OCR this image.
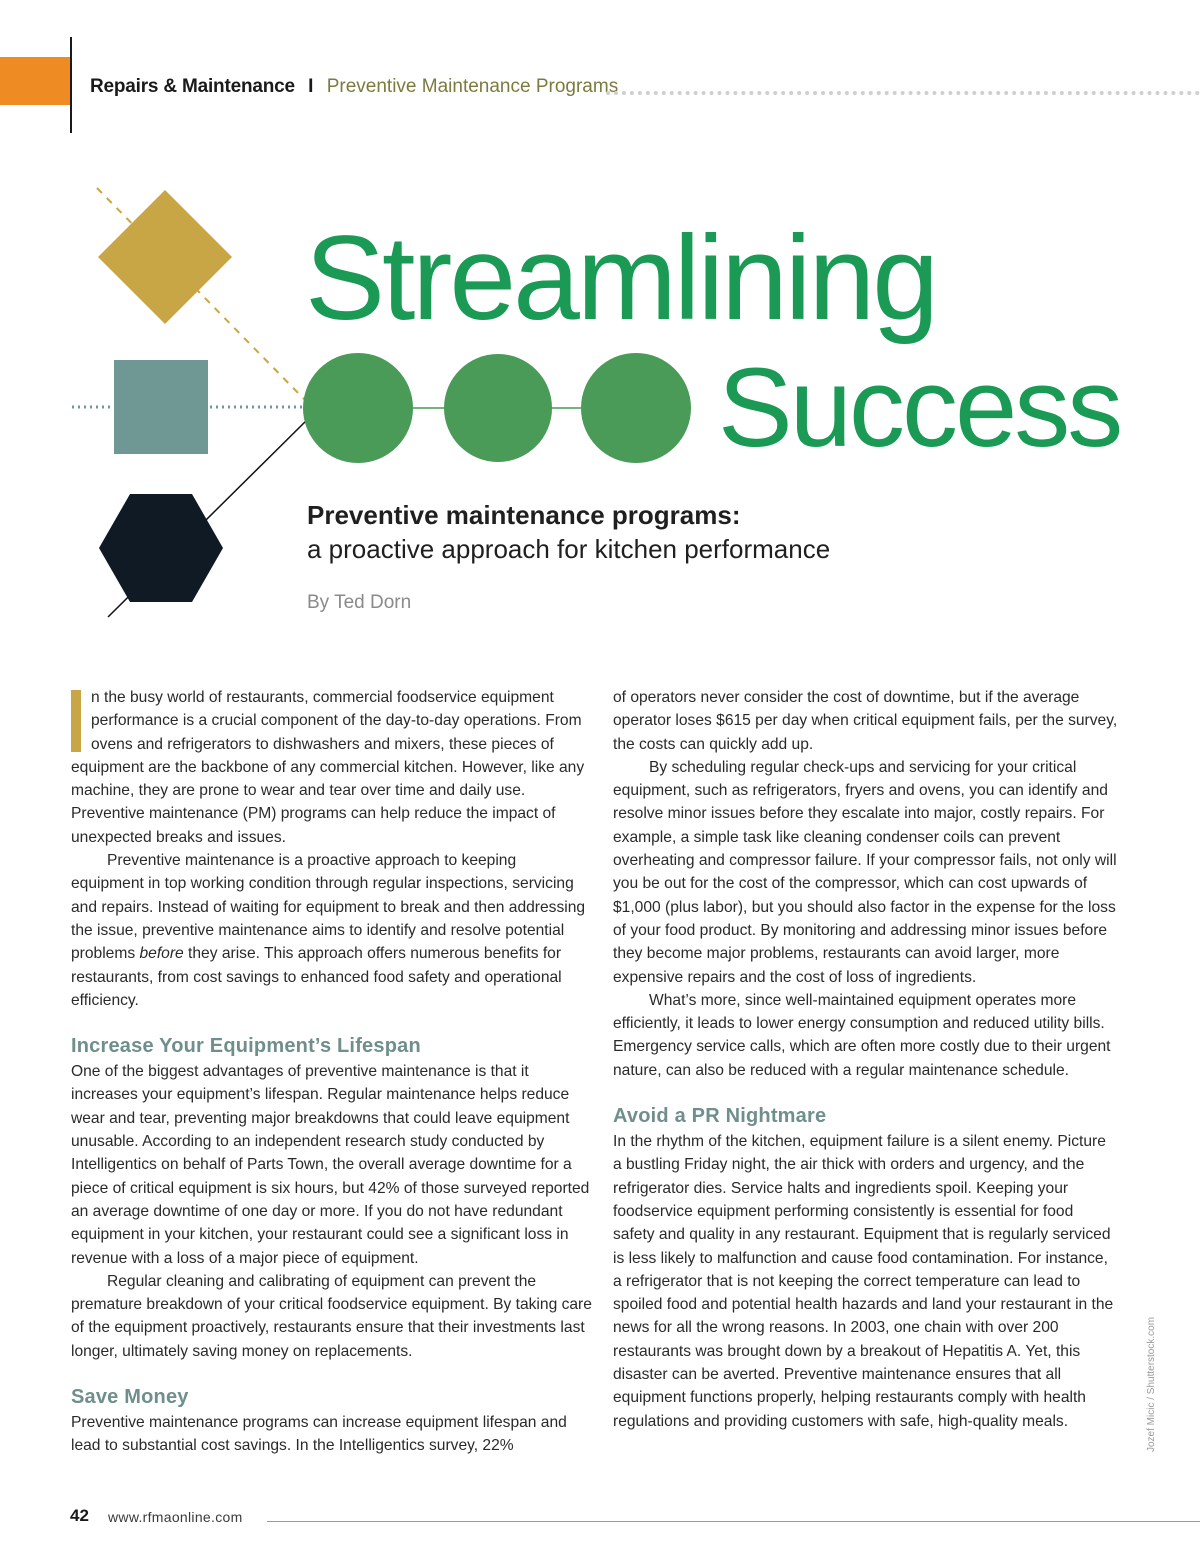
Repairs & Maintenance I Preventive Maintenance Programs
Streamlining
Success
Preventive maintenance programs:
a proactive approach for kitchen performance
By Ted Dorn

n the busy world of restaurants, commercial foodservice equipment performance is a crucial component of the day-to-day operations. From ovens and refrigerators to dishwashers and mixers, these pieces of equipment are the backbone of any commercial kitchen. However, like any machine, they are prone to wear and tear over time and daily use. Preventive maintenance (PM) programs can help reduce the impact of unexpected breaks and issues.

Preventive maintenance is a proactive approach to keeping equipment in top working condition through regular inspections, servicing and repairs. Instead of waiting for equipment to break and then addressing the issue, preventive maintenance aims to identify and resolve potential problems before they arise. This approach offers numerous benefits for restaurants, from cost savings to enhanced food safety and operational efficiency.

Increase Your Equipment’s Lifespan

One of the biggest advantages of preventive maintenance is that it increases your equipment’s lifespan. Regular maintenance helps reduce wear and tear, preventing major breakdowns that could leave equipment unusable. According to an independent research study conducted by Intelligentics on behalf of Parts Town, the overall average downtime for a piece of critical equipment is six hours, but 42% of those surveyed reported an average downtime of one day or more. If you do not have redundant equipment in your kitchen, your restaurant could see a significant loss in revenue with a loss of a major piece of equipment.

Regular cleaning and calibrating of equipment can prevent the premature breakdown of your critical foodservice equipment. By taking care of the equipment proactively, restaurants ensure that their investments last longer, ultimately saving money on replacements.

Save Money

Preventive maintenance programs can increase equipment lifespan and lead to substantial cost savings. In the Intelligentics survey, 22%

of operators never consider the cost of downtime, but if the average operator loses $615 per day when critical equipment fails, per the survey, the costs can quickly add up.

By scheduling regular check-ups and servicing for your critical equipment, such as refrigerators, fryers and ovens, you can identify and resolve minor issues before they escalate into major, costly repairs. For example, a simple task like cleaning condenser coils can prevent overheating and compressor failure. If your compressor fails, not only will you be out for the cost of the compressor, which can cost upwards of $1,000 (plus labor), but you should also factor in the expense for the loss of your food product. By monitoring and addressing minor issues before they become major problems, restaurants can avoid larger, more expensive repairs and the cost of loss of ingredients.

What’s more, since well-maintained equipment operates more efficiently, it leads to lower energy consumption and reduced utility bills. Emergency service calls, which are often more costly due to their urgent nature, can also be reduced with a regular maintenance schedule.

Avoid a PR Nightmare

In the rhythm of the kitchen, equipment failure is a silent enemy. Picture a bustling Friday night, the air thick with orders and urgency, and the refrigerator dies. Service halts and ingredients spoil. Keeping your foodservice equipment performing consistently is essential for food safety and quality in any restaurant. Equipment that is regularly serviced is less likely to malfunction and cause food contamination. For instance, a refrigerator that is not keeping the correct temperature can lead to spoiled food and potential health hazards and land your restaurant in the news for all the wrong reasons. In 2003, one chain with over 200 restaurants was brought down by a breakout of Hepatitis A. Yet, this disaster can be averted. Preventive maintenance ensures that all equipment functions properly, helping restaurants comply with health regulations and providing customers with safe, high-quality meals.	Jozef Micic / Shutterstock.com
42 www.rfmaonline.com
